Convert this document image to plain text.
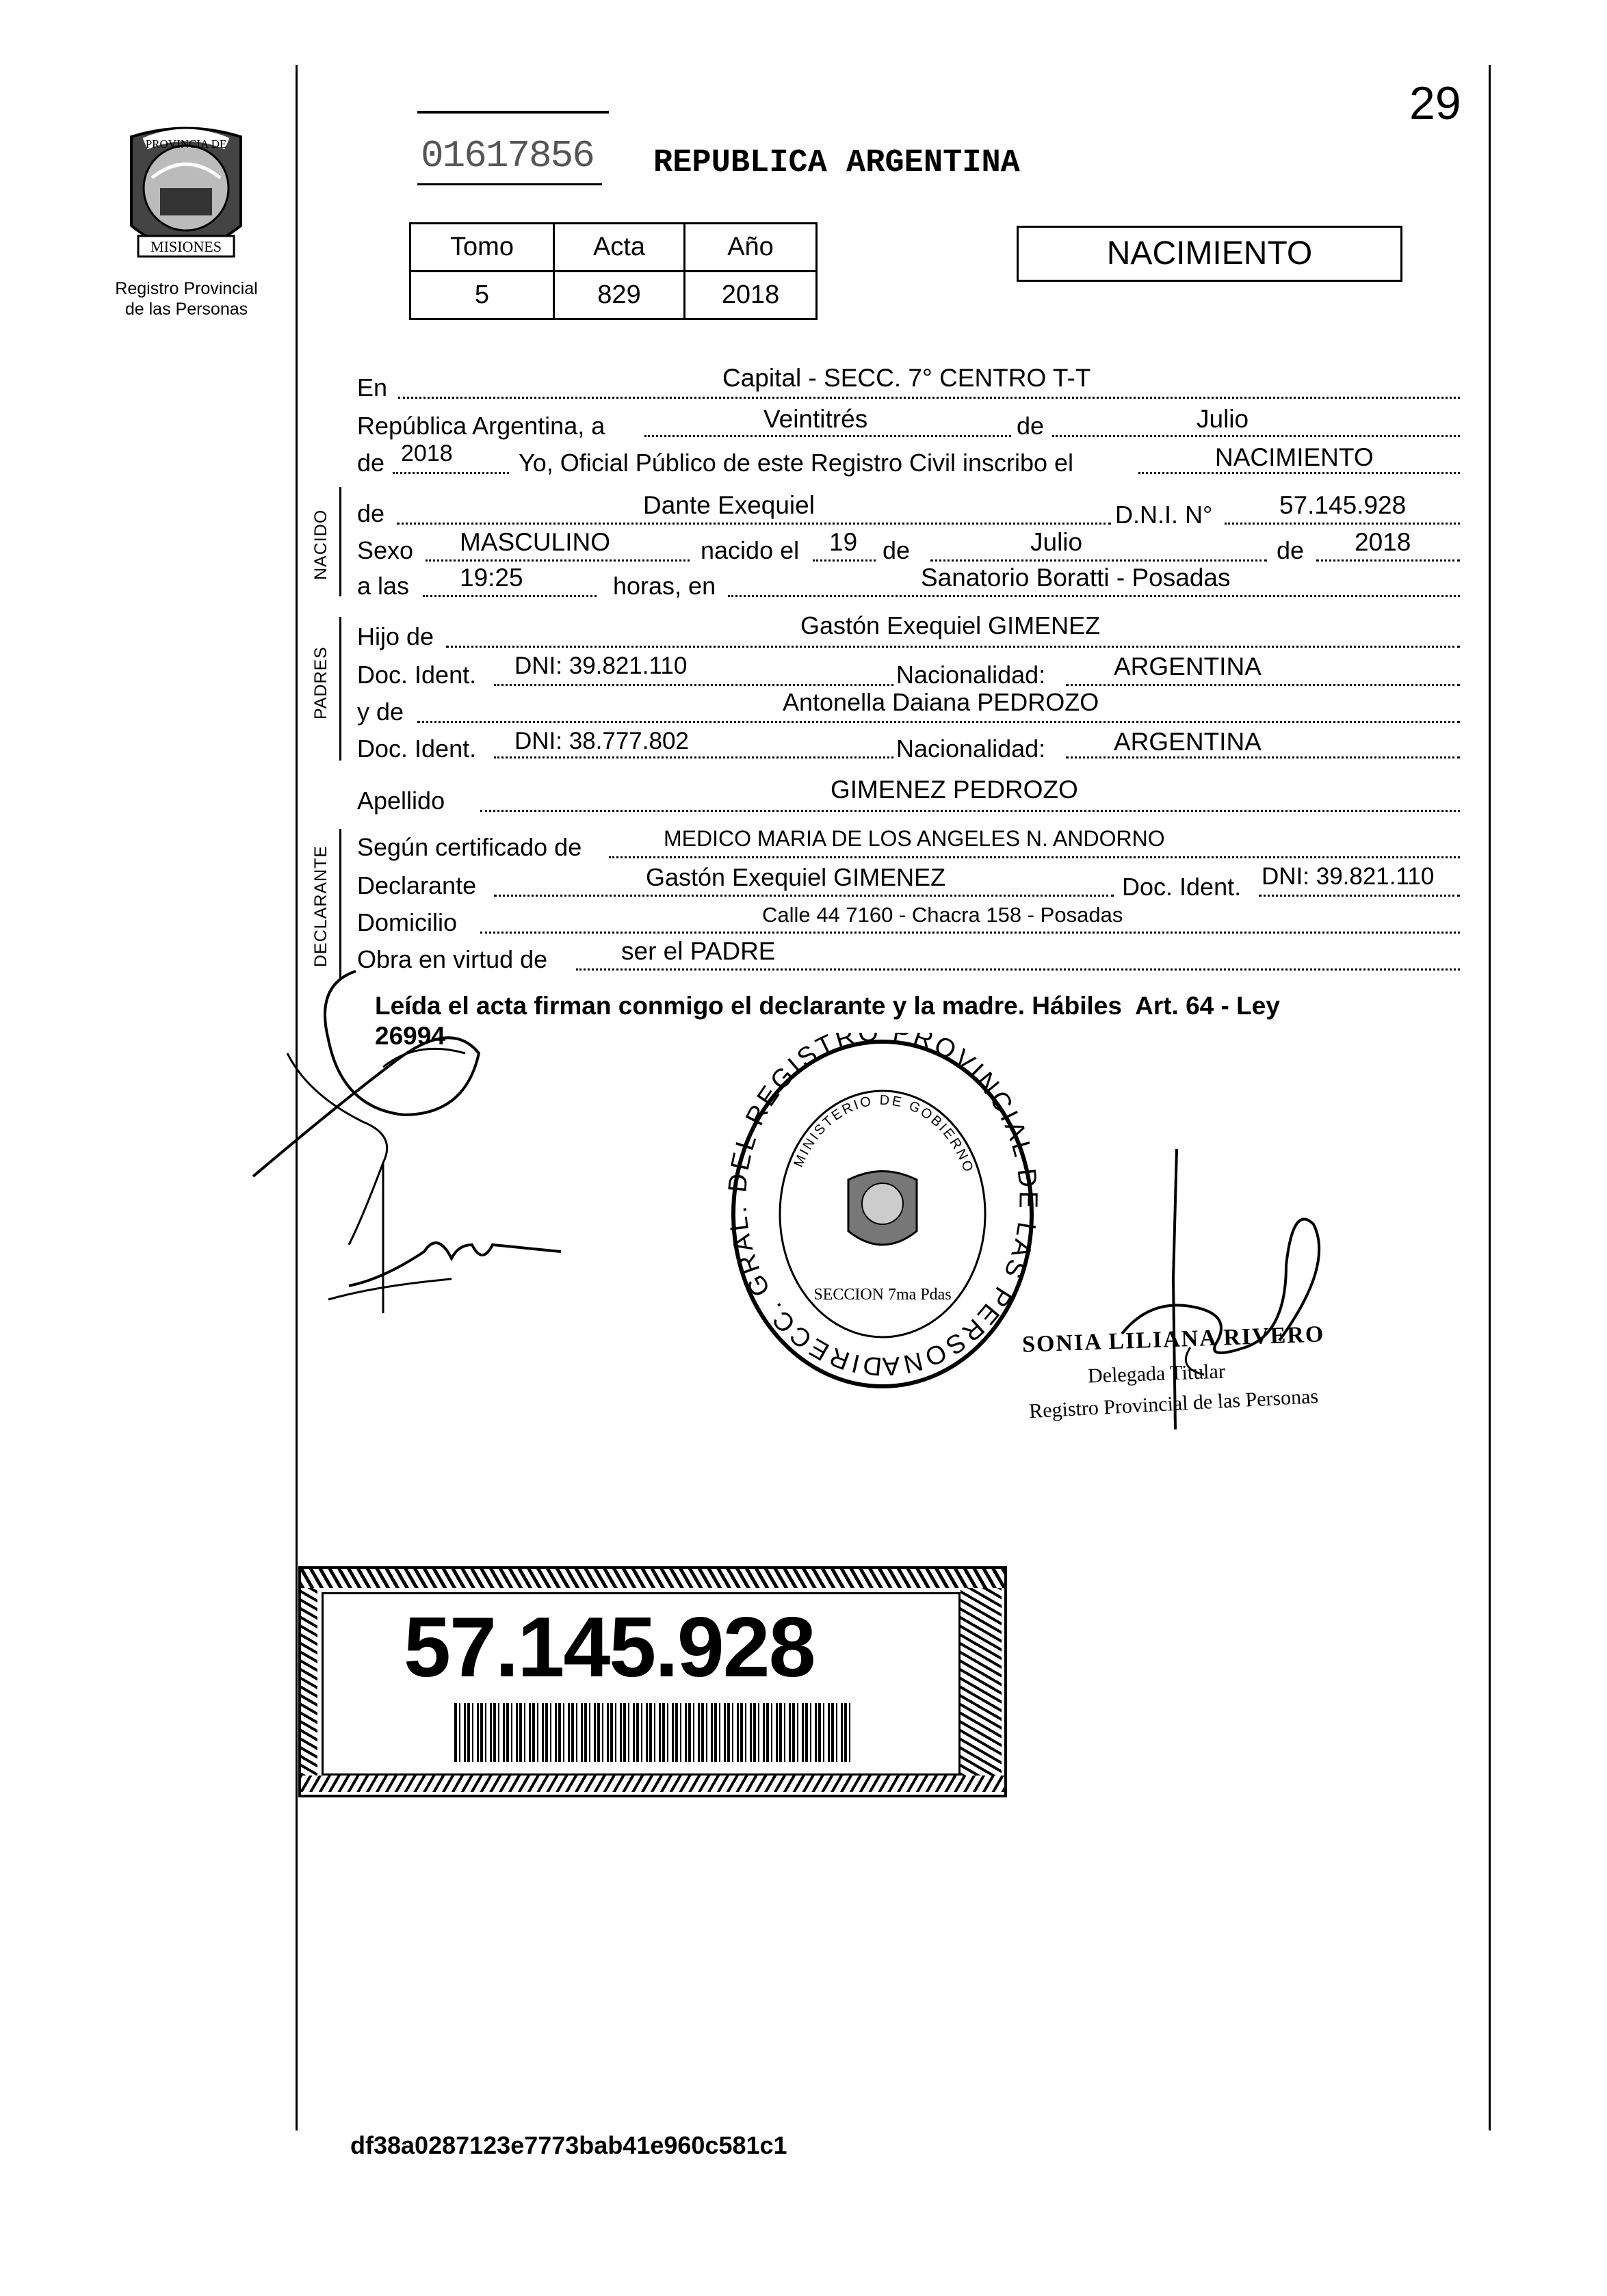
29
MISIONES
PROVINCIA DE
Registro Provincial
de las Personas
01617856 REPUBLICA ARGENTINA
Tomo	Acta	Año
5	829	2018
NACIMIENTO
En	Capital - SECC. 7° CENTRO T-T
República Argentina, a	Veintitrés	de	Julio
de 2018	Yo, Oficial Público de este Registro Civil inscribo el	NACIMIENTO
NACIDO de	Dante Exequiel	D.N.I. N°	57.145.928
Sexo MASCULINO	nacido el 19 de	Julio	de 2018
a las 19:25	horas, en	Sanatorio Boratti - Posadas
PADRES
Hijo de	Gastón Exequiel GIMENEZ
Doc. Ident. DNI: 39.821.110	Nacionalidad:	ARGENTINA
y de	Antonella Daiana PEDROZO
Doc. Ident. DNI: 38.777.802	Nacionalidad:	ARGENTINA
Apellido	GIMENEZ PEDROZO
DECLARANTE Según certificado de	MEDICO MARIA DE LOS ANGELES N. ANDORNO
Declarante	Gastón Exequiel GIMENEZ	Doc. Ident. DNI: 39.821.110
Domicilio	Calle 44 7160 - Chacra 158 - Posadas
Obra en virtud de	ser el PADRE
Leída el acta firman conmigo el declarante y la madre. Hábiles  Art. 64 - Ley
26994
DIRECC. GRAL. DEL REGISTRO PROVINCIAL DE LAS PERSONA
MINISTERIO DE GOBIERNO
SECCION 7ma Pdas
SONIA LILIANA RIVERO
Delegada Titular
Registro Provincial de las Personas
57.145.928
df38a0287123e7773bab41e960c581c1
